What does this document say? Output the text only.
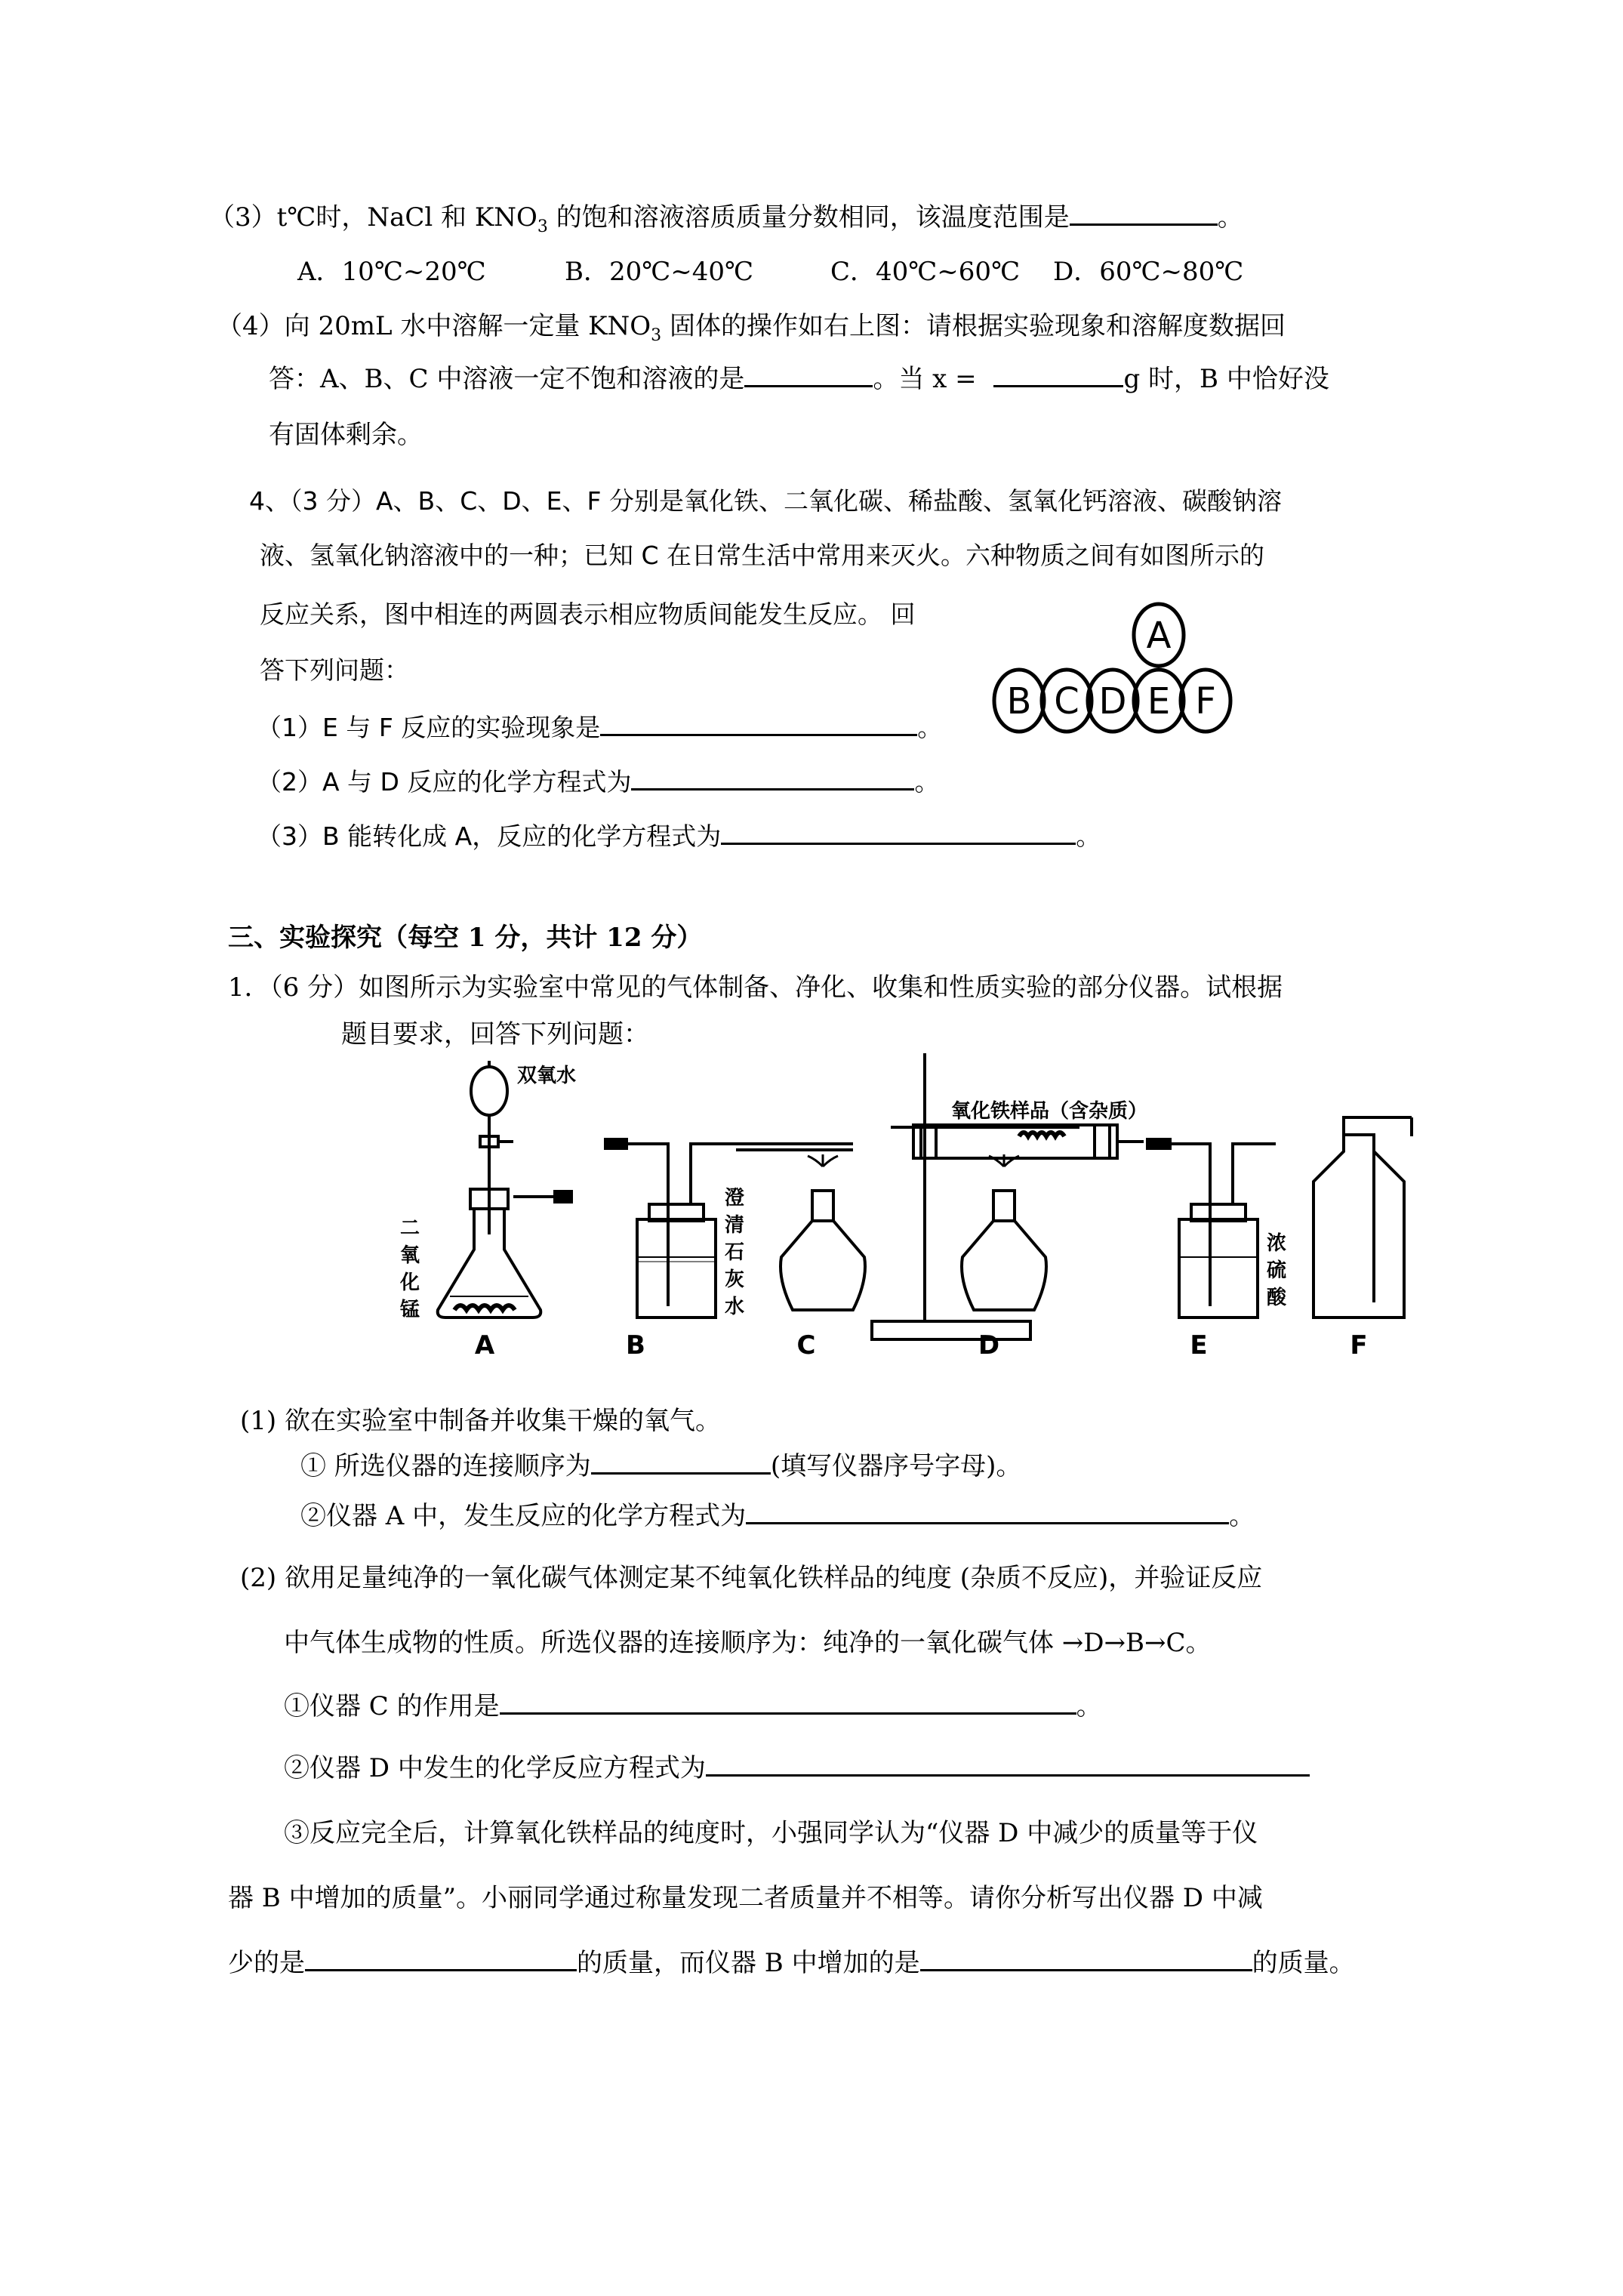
（3）t℃时，NaCl 和 $KNO_3$ 的饱和溶液溶质质量分数相同，该温度范围是	。
A．10℃~20℃	B．20℃~40℃	C．40℃~60℃ D．60℃~80℃
（4）向 20mL 水中溶解一定量 $KNO_3$ 固体的操作如右上图：请根据实验现象和溶解度数据回
答：A、B、C 中溶液一定不饱和溶液的是	。当 x =	g 时，B 中恰好没
有固体剩余。
4、（3 分）A、B、C、D、E、F 分别是氧化铁、二氧化碳、稀盐酸、氢氧化钙溶液、碳酸钠溶
液、氢氧化钠溶液中的一种；已知 C 在日常生活中常用来灭火。六种物质之间有如图所示的
反应关系，图中相连的两圆表示相应物质间能发生反应。 回
答下列问题：
（1）E 与 F 反应的实验现象是	。
（2）A 与 D 反应的化学方程式为	。
（3）B 能转化成 A，反应的化学方程式为	。
A
B C D E F
三、实验探究（每空 1 分，共计 12 分）
1．（6 分）如图所示为实验室中常见的气体制备、净化、收集和性质实验的部分仪器。试根据
题目要求，回答下列问题：
双氧水
二
氧
化
锰
澄
清
石
灰
水
氧化铁样品（含杂质）
浓
硫
酸
A	B	C	D	E	F
(1) 欲在实验室中制备并收集干燥的氧气。
① 所选仪器的连接顺序为	(填写仪器序号字母)。
②仪器 A 中，发生反应的化学方程式为	。
(2) 欲用足量纯净的一氧化碳气体测定某不纯氧化铁样品的纯度 (杂质不反应)，并验证反应
中气体生成物的性质。所选仪器的连接顺序为：纯净的一氧化碳气体 →D→B→C。
①仪器 C 的作用是	。
②仪器 D 中发生的化学反应方程式为
③反应完全后，计算氧化铁样品的纯度时，小强同学认为“仪器 D 中减少的质量等于仪
器 B 中增加的质量”。小丽同学通过称量发现二者质量并不相等。请你分析写出仪器 D 中减
少的是	的质量，而仪器 B 中增加的是	的质量。
